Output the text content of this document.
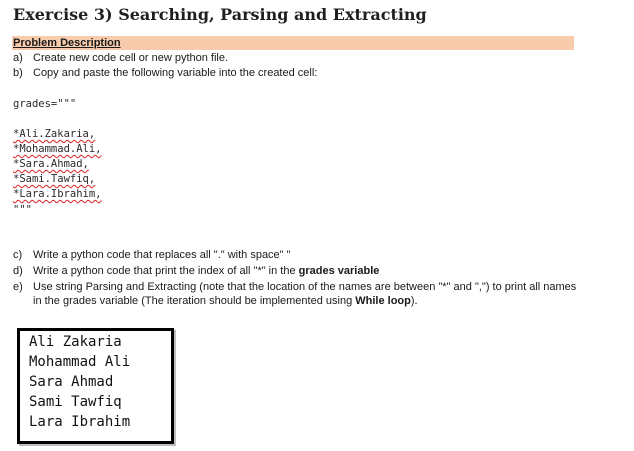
Exercise 3) Searching, Parsing and Extracting
Problem Description
a) Create new code cell or new python file.
b) Copy and paste the following variable into the created cell:
grades="""
*Ali.Zakaria,
*Mohammad.Ali,
*Sara.Ahmad,
*Sami.Tawfiq,
*Lara.Ibrahim,
"""
c) Write a python code that replaces all "." with space" "
d) Write a python code that print the index of all "*" in the grades variable
e) Use string Parsing and Extracting (note that the location of the names are between "*" and ",") to print all names in the grades variable (The iteration should be implemented using While loop).
Ali Zakaria
Mohammad Ali
Sara Ahmad
Sami Tawfiq
Lara Ibrahim
